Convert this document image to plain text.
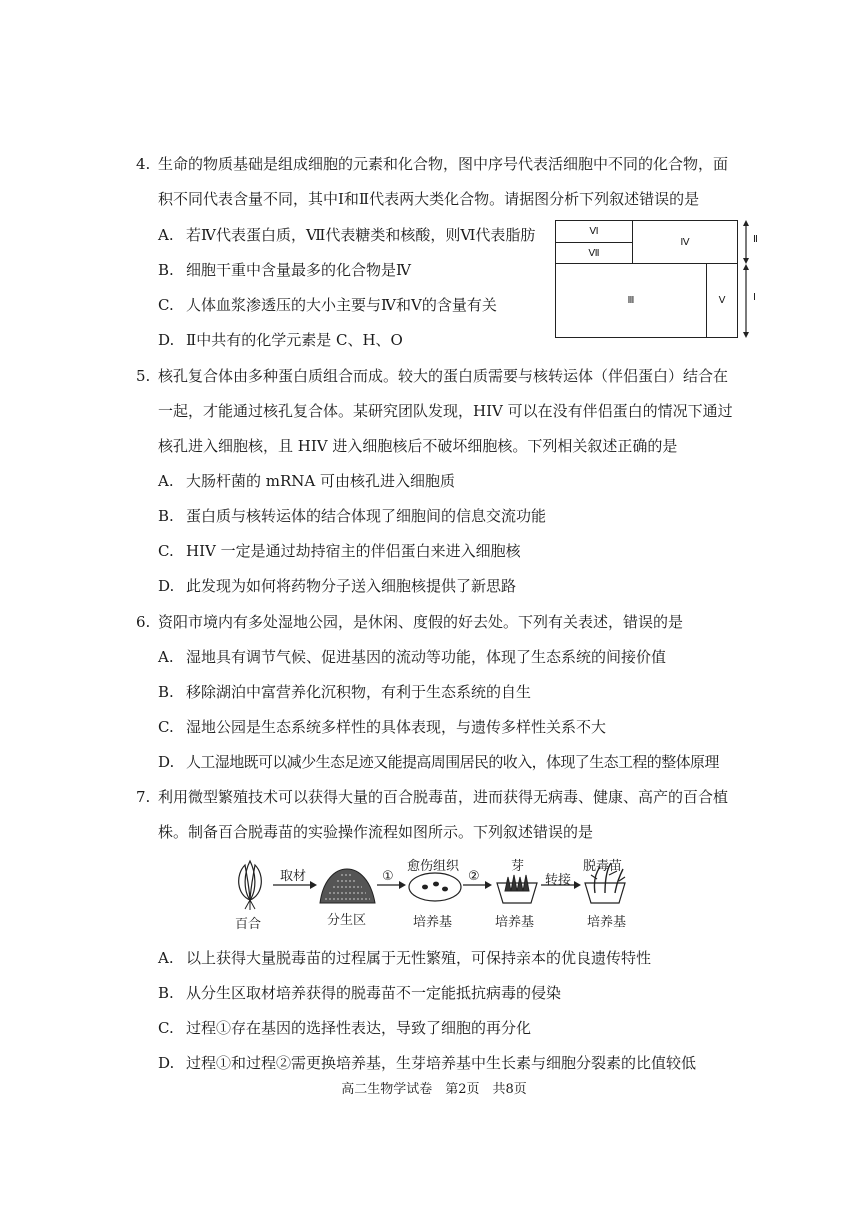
4. 生命的物质基础是组成细胞的元素和化合物，图中序号代表活细胞中不同的化合物，面
积不同代表含量不同，其中Ⅰ和Ⅱ代表两大类化合物。请据图分析下列叙述错误的是
A. 若Ⅳ代表蛋白质，Ⅶ代表糖类和核酸，则Ⅵ代表脂肪
B. 细胞干重中含量最多的化合物是Ⅳ
C. 人体血浆渗透压的大小主要与Ⅳ和Ⅴ的含量有关
D. Ⅱ中共有的化学元素是 C、H、O
Ⅵ
Ⅶ
Ⅳ
Ⅲ	Ⅴ
Ⅱ
Ⅰ
5. 核孔复合体由多种蛋白质组合而成。较大的蛋白质需要与核转运体（伴侣蛋白）结合在
一起，才能通过核孔复合体。某研究团队发现，HIV 可以在没有伴侣蛋白的情况下通过
核孔进入细胞核，且 HIV 进入细胞核后不破坏细胞核。下列相关叙述正确的是
A. 大肠杆菌的 mRNA 可由核孔进入细胞质
B. 蛋白质与核转运体的结合体现了细胞间的信息交流功能
C. HIV 一定是通过劫持宿主的伴侣蛋白来进入细胞核
D. 此发现为如何将药物分子送入细胞核提供了新思路
6. 资阳市境内有多处湿地公园，是休闲、度假的好去处。下列有关表述，错误的是
A. 湿地具有调节气候、促进基因的流动等功能，体现了生态系统的间接价值
B. 移除湖泊中富营养化沉积物，有利于生态系统的自生
C. 湿地公园是生态系统多样性的具体表现，与遗传多样性关系不大
D. 人工湿地既可以减少生态足迹又能提高周围居民的收入，体现了生态工程的整体原理
7. 利用微型繁殖技术可以获得大量的百合脱毒苗，进而获得无病毒、健康、高产的百合植
株。制备百合脱毒苗的实验操作流程如图所示。下列叙述错误的是
百合
取材
分生区
①
愈伤组织
培养基
②
芽
培养基
转接
脱毒苗
培养基
A. 以上获得大量脱毒苗的过程属于无性繁殖，可保持亲本的优良遗传特性
B. 从分生区取材培养获得的脱毒苗不一定能抵抗病毒的侵染
C. 过程①存在基因的选择性表达，导致了细胞的再分化
D. 过程①和过程②需更换培养基，生芽培养基中生长素与细胞分裂素的比值较低
高二生物学试卷　第2页　共8页
